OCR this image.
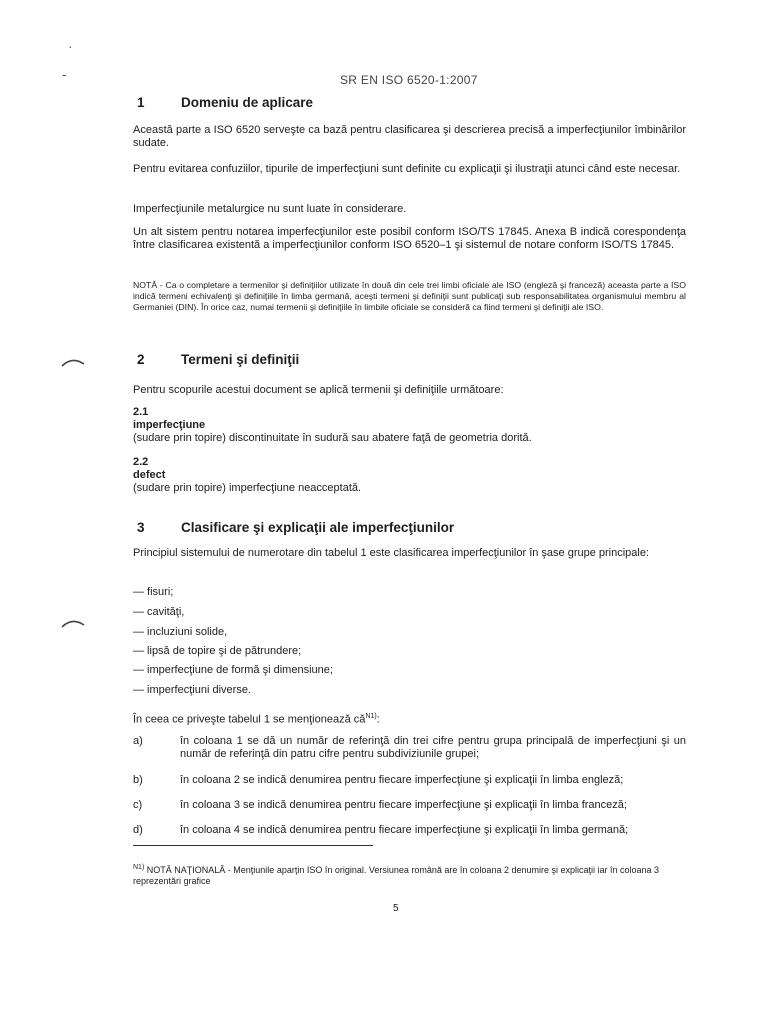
·
-	SR EN ISO 6520-1:2007
1	Domeniu de aplicare
Această parte a ISO 6520 serveşte ca bază pentru clasificarea şi descrierea precisă a imperfecţiunilor îmbinărilor sudate.
Pentru evitarea confuziilor, tipurile de imperfecţiuni sunt definite cu explicaţii şi ilustraţii atunci când este necesar.
Imperfecţiunile metalurgice nu sunt luate în considerare.
Un alt sistem pentru notarea imperfecţiunilor este posibil conform ISO/TS 17845. Anexa B indică corespondenţa între clasificarea existentă a imperfecţiunilor conform ISO 6520–1 şi sistemul de notare conform ISO/TS 17845.
NOTĂ - Ca o completare a termenilor şi definiţiilor utilizate în două din cele trei limbi oficiale ale ISO (engleză şi franceză) aceasta parte a ISO indică termeni echivalenţi şi definiţiile în limba germană, aceşti termeni şi definiţii sunt publicaţi sub responsabilitatea organismului membru al Germaniei (DIN). În orice caz, numai termenii şi definiţiile în limbile oficiale se consideră ca fiind termeni şi definiţii ale ISO.
2	Termeni şi definiţii
Pentru scopurile acestui document se aplică termenii şi definiţiile următoare:
2.1
imperfecţiune
(sudare prin topire) discontinuitate în sudură sau abatere faţă de geometria dorită.
2.2
defect
(sudare prin topire) imperfecţiune neacceptată.
3	Clasificare şi explicaţii ale imperfecţiunilor
Principiul sistemului de numerotare din tabelul 1 este clasificarea imperfecţiunilor în şase grupe principale:
— fisuri;
— cavităţi,
— incluziuni solide,
— lipsă de topire şi de pătrundere;
— imperfecţiune de formă şi dimensiune;
— imperfecţiuni diverse.
În ceea ce priveşte tabelul 1 se menţionează $că^{N1)}$:
a)	în coloana 1 se dă un număr de referinţă din trei cifre pentru grupa principală de imperfecţiuni şi un număr de referinţă din patru cifre pentru subdiviziunile grupei;
b)	în coloana 2 se indică denumirea pentru fiecare imperfecţiune şi explicaţii în limba engleză;
c)	în coloana 3 se indică denumirea pentru fiecare imperfecţiune şi explicaţii în limba franceză;
d)	în coloana 4 se indică denumirea pentru fiecare imperfecţiune şi explicaţii în limba germană;
$^{N1)}$ NOTĂ NAŢIONALĂ - Menţiunile aparţin ISO în original. Versiunea română are în coloana 2 denumire şi explicaţii iar în coloana 3 reprezentări grafice
5
